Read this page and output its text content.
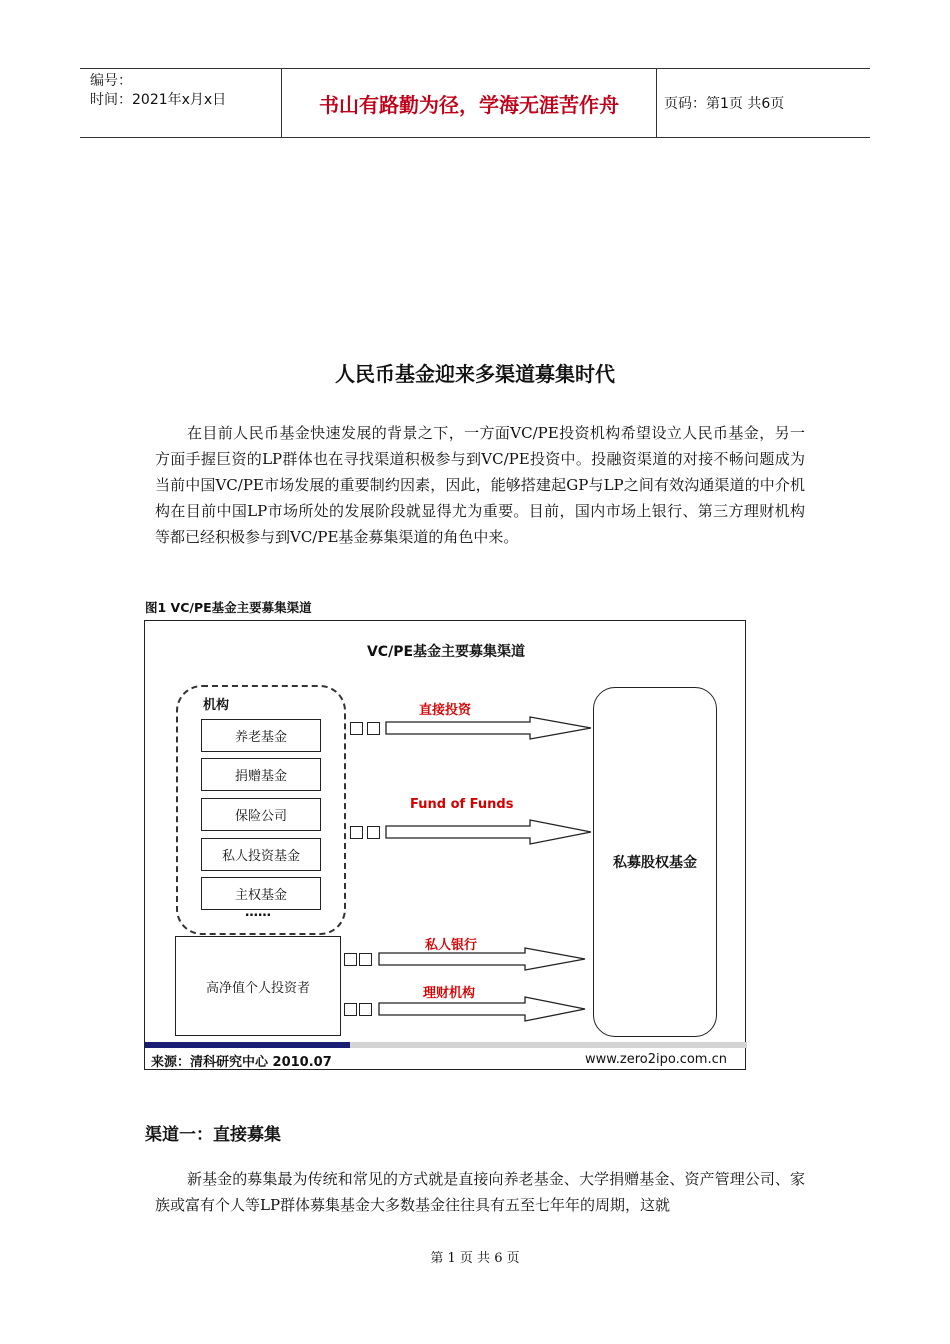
编号：
时间：2021年x月x日	书山有路勤为径，学海无涯苦作舟	页码：第1页 共6页
人民币基金迎来多渠道募集时代

在目前人民币基金快速发展的背景之下，一方面VC/PE投资机构希望设立人民币基金，另一方面手握巨资的LP群体也在寻找渠道积极参与到VC/PE投资中。投融资渠道的对接不畅问题成为当前中国VC/PE市场发展的重要制约因素，因此，能够搭建起GP与LP之间有效沟通渠道的中介机构在目前中国LP市场所处的发展阶段就显得尤为重要。目前，国内市场上银行、第三方理财机构等都已经积极参与到VC/PE基金募集渠道的角色中来。

图1 VC/PE基金主要募集渠道
VC/PE基金主要募集渠道
机构
养老基金
捐赠基金
保险公司
私人投资基金
主权基金
……
高净值个人投资者
私募股权基金
直接投资
Fund of Funds
私人银行
理财机构
来源：清科研究中心 2010.07	www.zero2ipo.com.cn
渠道一：直接募集

新基金的募集最为传统和常见的方式就是直接向养老基金、大学捐赠基金、资产管理公司、家族或富有个人等LP群体募集基金大多数基金往往具有五至七年年的周期，这就

第 1 页 共 6 页
